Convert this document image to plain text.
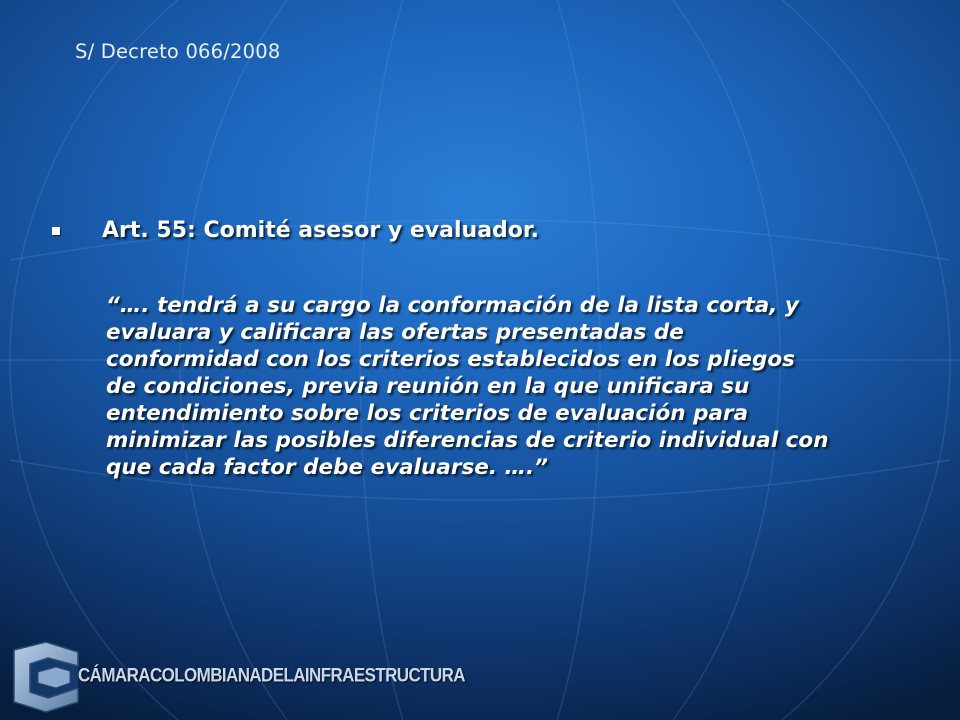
S/ Decreto 066/2008
Art. 55: Comité asesor y evaluador.

“…. tendrá a su cargo la conformación de la lista corta, y
evaluara y calificara las ofertas presentadas de
conformidad con los criterios establecidos en los pliegos
de condiciones, previa reunión en la que unificara su
entendimiento sobre los criterios de evaluación para
minimizar las posibles diferencias de criterio individual con
que cada factor debe evaluarse. ….”

CÁMARACOLOMBIANADELAINFRAESTRUCTURA
